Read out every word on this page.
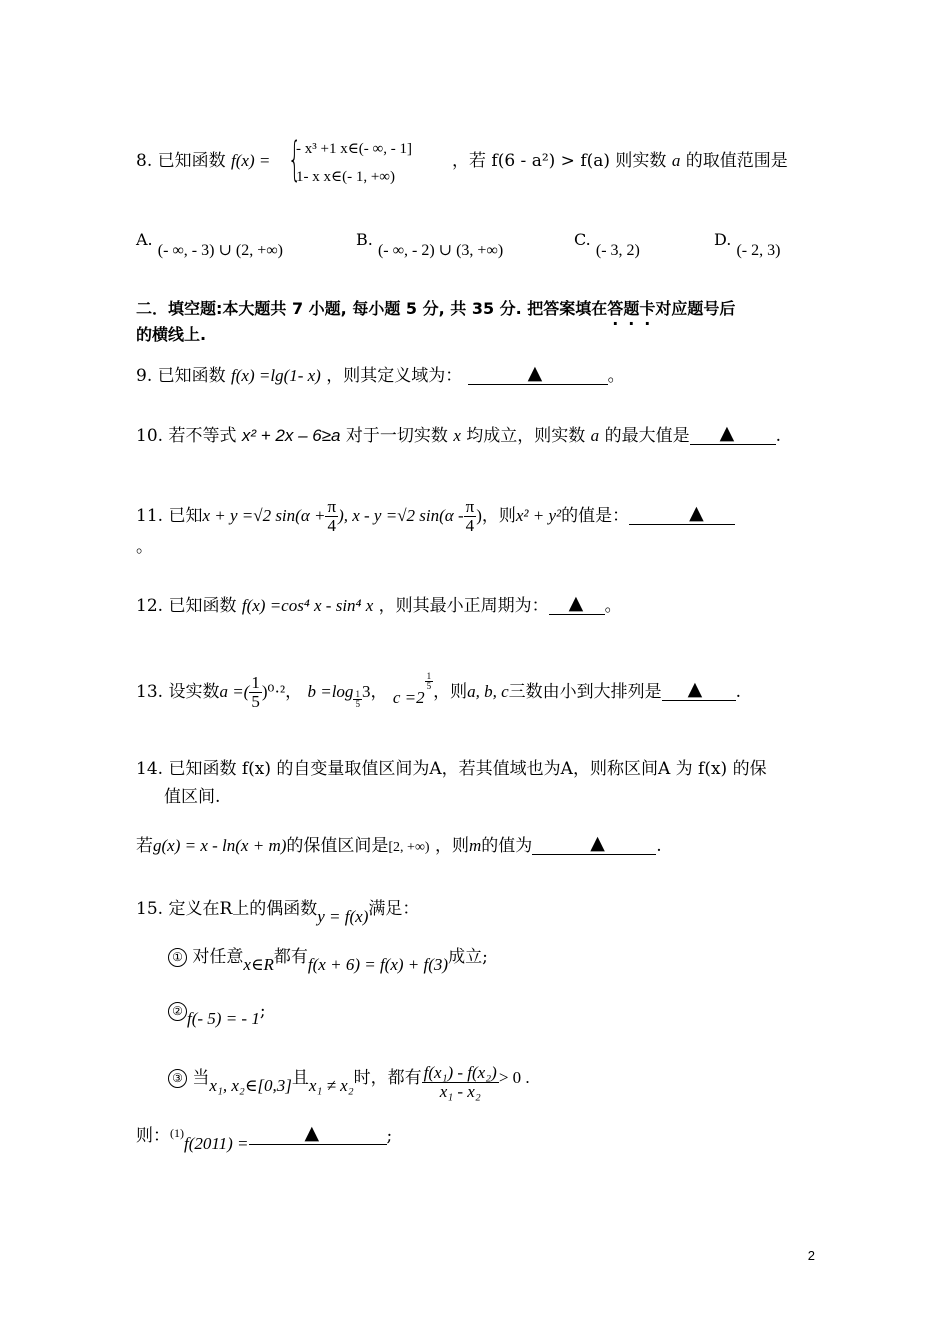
8. 已知函数 f(x) = {
- x³ +1 x∈(- ∞, - 1]
1- x x∈(- 1, +∞)
，若 f(6 - a²) > f(a) 则实数 a 的取值范围是
A. (- ∞, - 3) ∪ (2, +∞)
B. (- ∞, - 2) ∪ (3, +∞)
C. (- 3, 2)
D. (- 2, 3)
二．填空题:本大题共 7 小题, 每小题 5 分, 共 35 分. 把答案填在答题卡对应题号后
的横线上.
9. 已知函数 f(x) =lg(1- x) ，则其定义域为：	▲	。
10. 若不等式 x² + 2x – 6≥a 对于一切实数 x 均成立，则实数 a 的最大值是 ▲ .
11. 已知x + y =√2 $\sin(\alpha + \frac{\pi}{4}$ ), x - y =√2 $\sin(\alpha - \frac{\pi}{4}$ )，则x² + y²的值是：	▲
。
12. 已知函数 f(x) =cos⁴ x - sin⁴ x ，则其最小正周期为： ▲ 。
13. 设实数a =( $\frac{1}{5} )^0\cdot^2$， $b =\log \frac{1}{5} 3$， c =2
$\frac{1}{5}$
，则a, b, c三数由小到大排列是 ▲ .
14. 已知函数 f(x) 的自变量取值区间为A，若其值域也为A，则称区间A 为 f(x) 的保
值区间.
若g(x) = x - ln(x + m)的保值区间是[2, +∞) ，则m的值为	▲	.
15. 定义在R上的偶函数y = f(x)满足：
① 对任意x∈R都有f(x + 6) = f(x) + f(3)成立;
② f(- 5) = - 1;
③ 当x₁, x₂∈[0,3]且x₁ ≠ x₂时，都有 $\frac{\text{f(x₁) - f(x₂)}}{\text{x₁ - x₂}} > 0$ .
则：$^{(1)}$f(2011) =	▲	;
2
